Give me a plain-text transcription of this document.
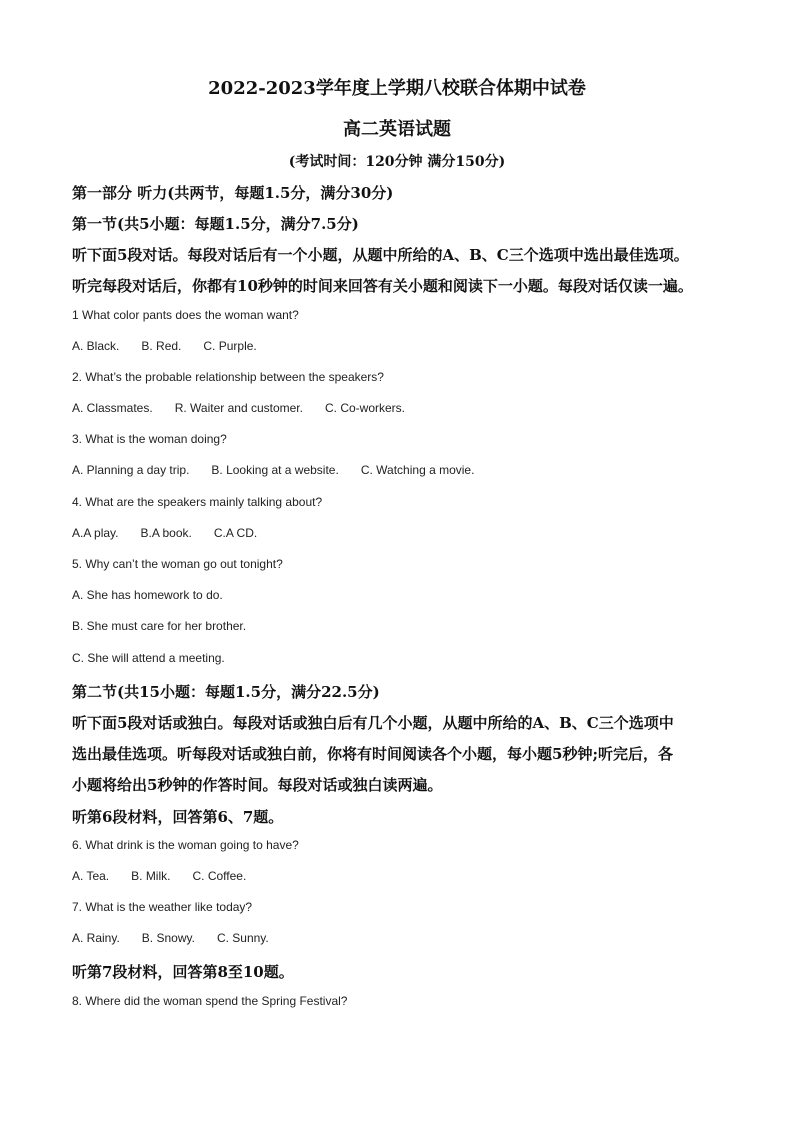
2022-2023学年度上学期八校联合体期中试卷
高二英语试题
(考试时间：120分钟 满分150分)
第一部分 听力(共两节，每题1.5分，满分30分)
第一节(共5小题：每题1.5分，满分7.5分)
听下面5段对话。每段对话后有一个小题，从题中所给的A、B、C三个选项中选出最佳选项。
听完每段对话后，你都有10秒钟的时间来回答有关小题和阅读下一小题。每段对话仅读一遍。
1 What color pants does the woman want?
A. Black. B. Red. C. Purple.
2. What’s the probable relationship between the speakers?
A. Classmates. R. Waiter and customer. C. Co-workers.
3. What is the woman doing?
A. Planning a day trip. B. Looking at a website. C. Watching a movie.
4. What are the speakers mainly talking about?
A.A play. B.A book. C.A CD.
5. Why can’t the woman go out tonight?
A. She has homework to do.
B. She must care for her brother.
C. She will attend a meeting.
第二节(共15小题：每题1.5分，满分22.5分)
听下面5段对话或独白。每段对话或独白后有几个小题，从题中所给的A、B、C三个选项中
选出最佳选项。听每段对话或独白前，你将有时间阅读各个小题，每小题5秒钟;听完后，各
小题将给出5秒钟的作答时间。每段对话或独白读两遍。
听第6段材料，回答第6、7题。
6. What drink is the woman going to have?
A. Tea. B. Milk. C. Coffee.
7. What is the weather like today?
A. Rainy. B. Snowy. C. Sunny.
听第7段材料，回答第8至10题。
8. Where did the woman spend the Spring Festival?
